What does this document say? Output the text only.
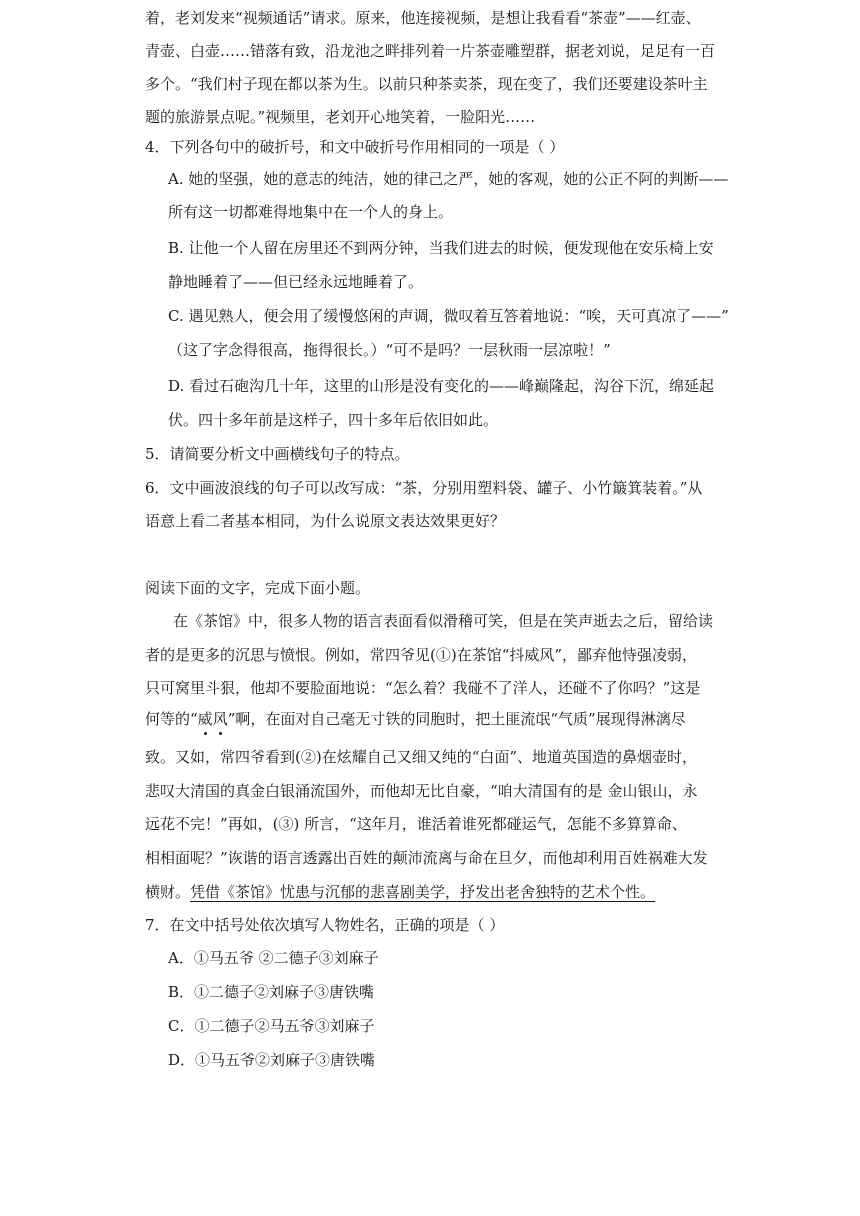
着，老刘发来“视频通话”请求。原来，他连接视频，是想让我看看“茶壶”——红壶、
青壶、白壶……错落有致，沿龙池之畔排列着一片茶壶雕塑群，据老刘说，足足有一百
多个。“我们村子现在都以茶为生。以前只种茶卖茶，现在变了，我们还要建设茶叶主
题的旅游景点呢。”视频里，老刘开心地笑着，一脸阳光……
4．下列各句中的破折号，和文中破折号作用相同的一项是（ ）
A. 她的坚强，她的意志的纯洁，她的律己之严，她的客观，她的公正不阿的判断——
所有这一切都难得地集中在一个人的身上。
B. 让他一个人留在房里还不到两分钟，当我们进去的时候，便发现他在安乐椅上安
静地睡着了——但已经永远地睡着了。
C. 遇见熟人，便会用了缓慢悠闲的声调，微叹着互答着地说：“唉，天可真凉了——”
（这了字念得很高，拖得很长。）“可不是吗？一层秋雨一层凉啦！”
D. 看过石砲沟几十年，这里的山形是没有变化的——峰巅隆起，沟谷下沉，绵延起
伏。四十多年前是这样子，四十多年后依旧如此。
5．请简要分析文中画横线句子的特点。
6．文中画波浪线的句子可以改写成：“茶，分别用塑料袋、罐子、小竹簸箕装着。”从
语意上看二者基本相同，为什么说原文表达效果更好？
阅读下面的文字，完成下面小题。
在《茶馆》中，很多人物的语言表面看似滑稽可笑，但是在笑声逝去之后，留给读
者的是更多的沉思与愤恨。例如，常四爷见(①)在茶馆“抖威风”，鄙弃他恃强凌弱，
只可窝里斗狠，他却不要脸面地说：“怎么着？我碰不了洋人，还碰不了你吗？”这是
何等的“威风”啊，在面对自己毫无寸铁的同胞时，把土匪流氓“气质”展现得淋漓尽
致。又如，常四爷看到(②)在炫耀自己又细又纯的“白面”、地道英国造的鼻烟壶时，
悲叹大清国的真金白银涌流国外，而他却无比自豪，“咱大清国有的是 金山银山，永
远花不完！”再如，(③) 所言，“这年月，谁活着谁死都碰运气，怎能不多算算命、
相相面呢？”诙谐的语言透露出百姓的颠沛流离与命在旦夕，而他却利用百姓祸难大发
横财。凭借《茶馆》忧患与沉郁的悲喜剧美学，抒发出老舍独特的艺术个性。
7．在文中括号处依次填写人物姓名，正确的项是（ ）
A．①马五爷 ②二德子③刘麻子
B．①二德子②刘麻子③唐铁嘴
C．①二德子②马五爷③刘麻子
D．①马五爷②刘麻子③唐铁嘴
